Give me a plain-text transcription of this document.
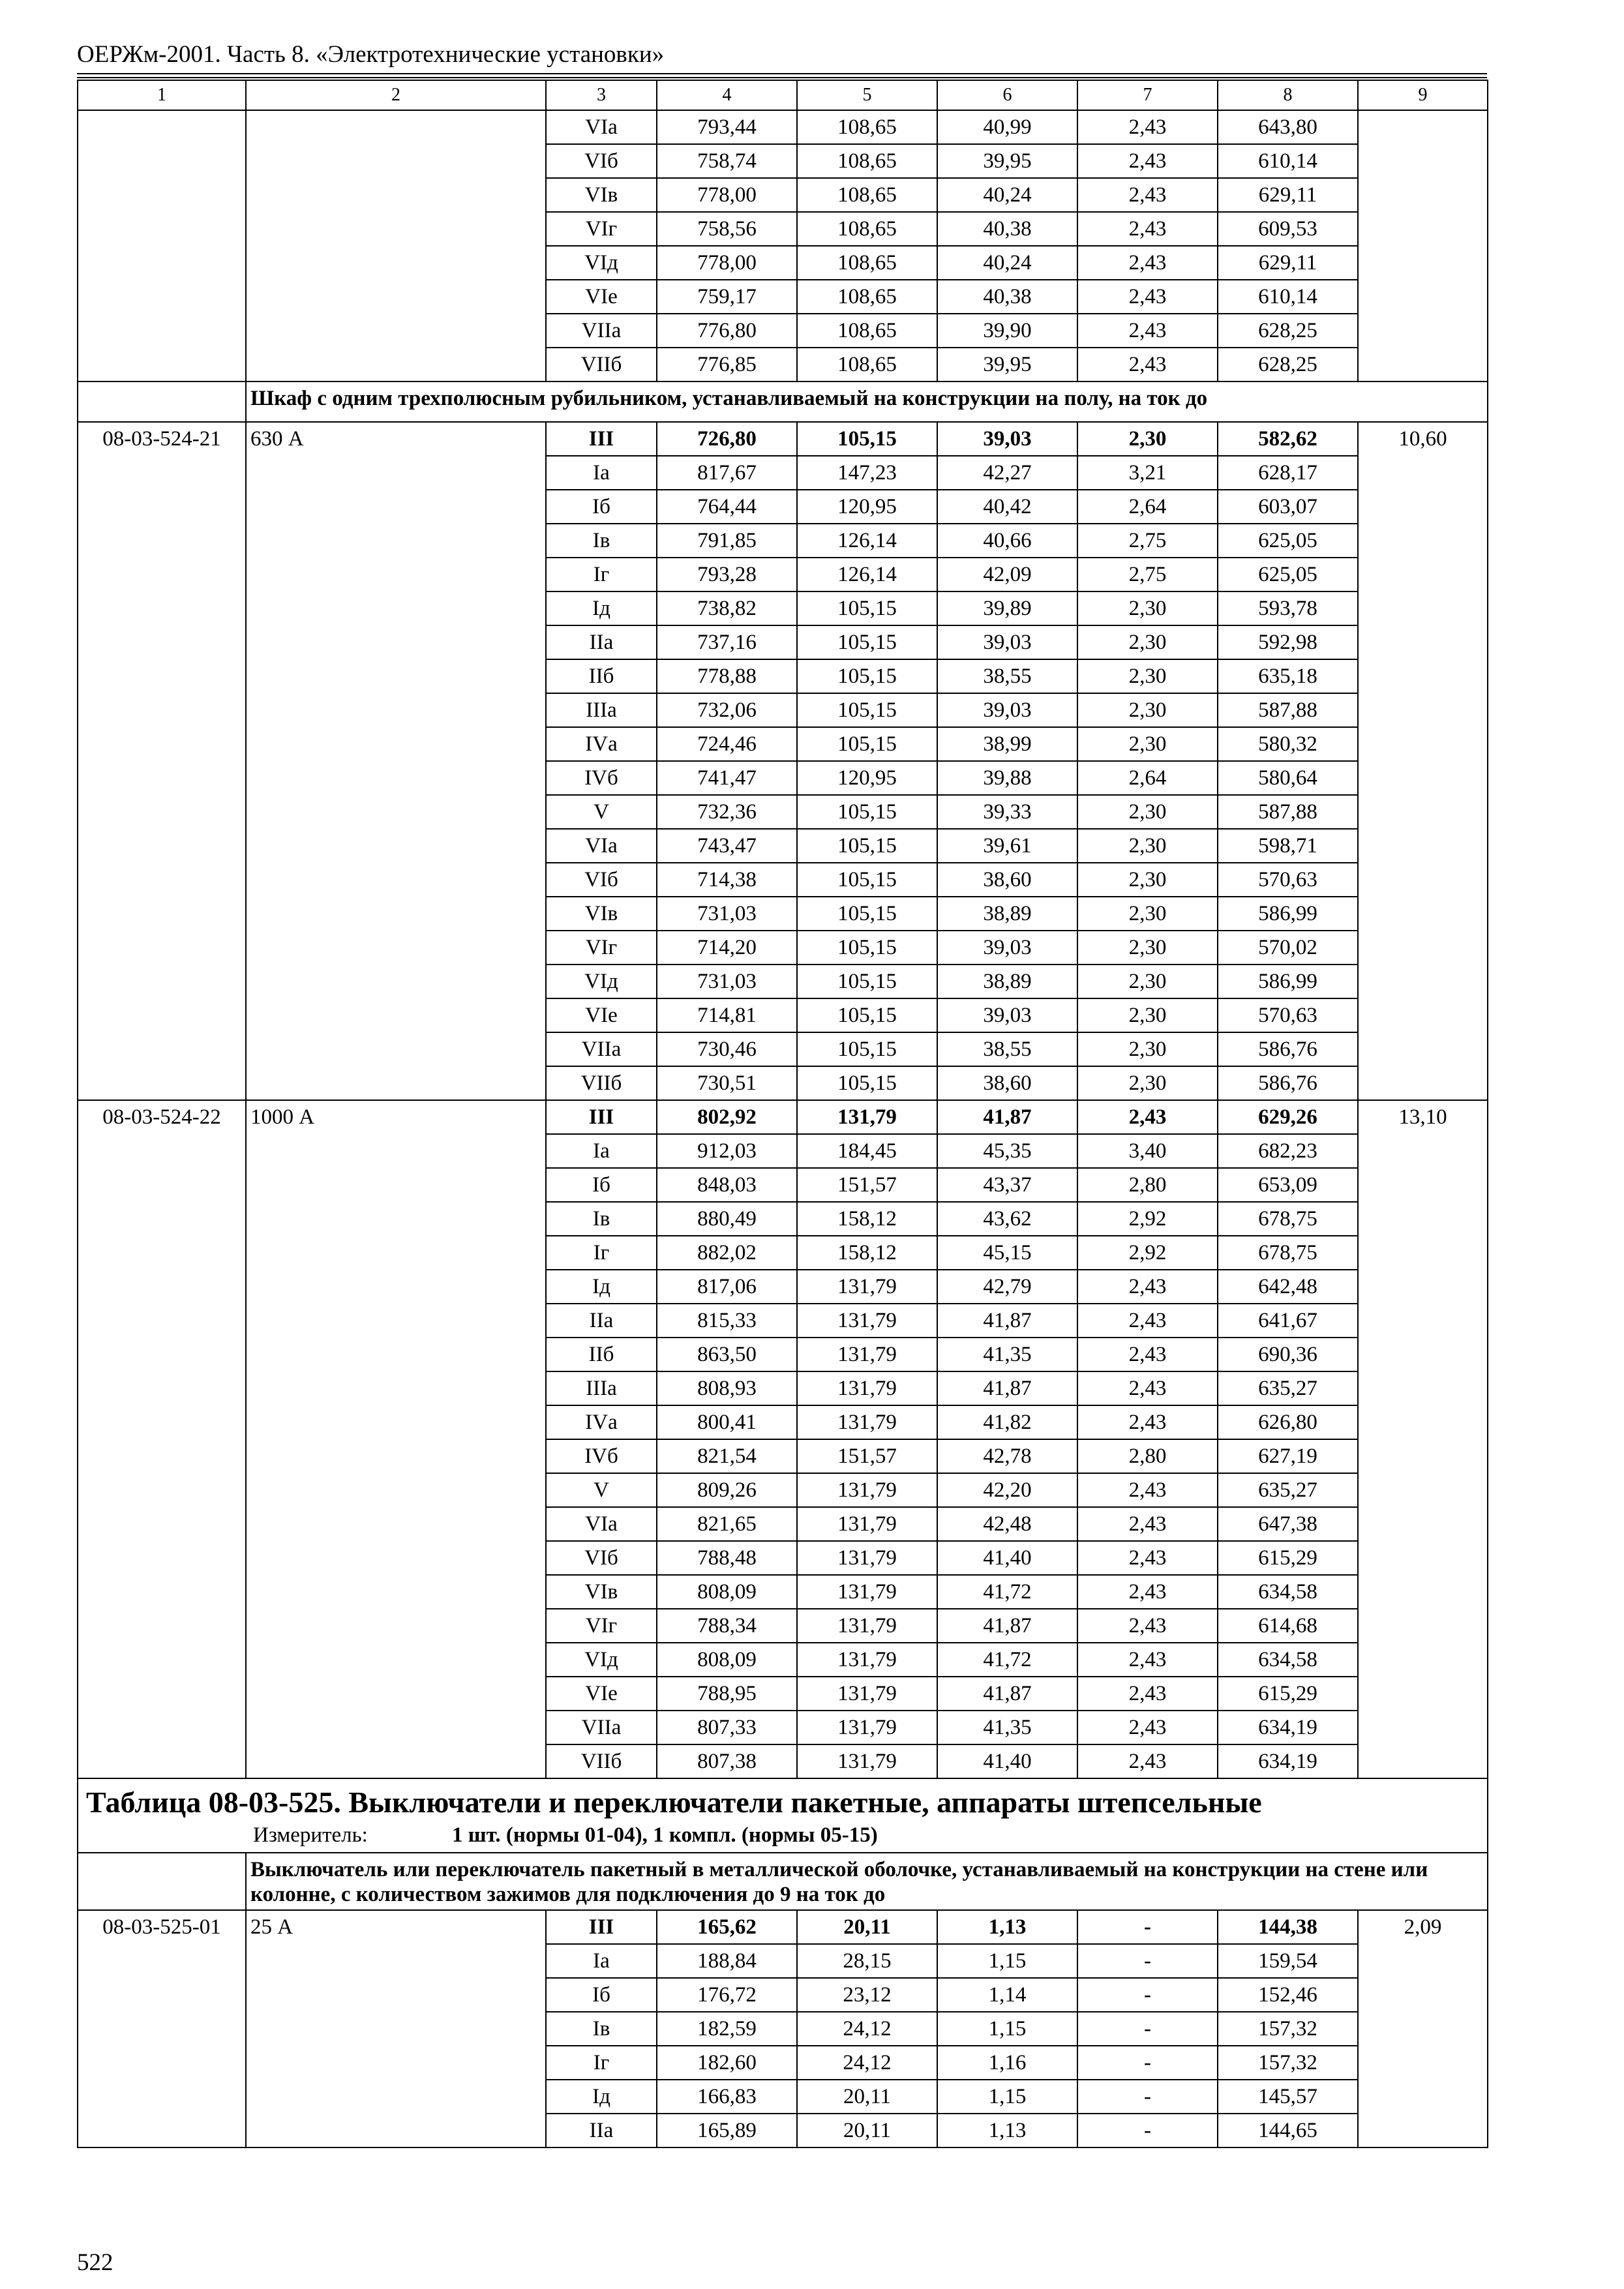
ОЕРЖм-2001. Часть 8. «Электротехнические установки»
1	2	3	4	5	6	7	8	9
		VIа	793,44	108,65	40,99	2,43	643,80	
		VIб	758,74	108,65	39,95	2,43	610,14	
		VIв	778,00	108,65	40,24	2,43	629,11	
		VIг	758,56	108,65	40,38	2,43	609,53	
		VIд	778,00	108,65	40,24	2,43	629,11	
		VIе	759,17	108,65	40,38	2,43	610,14	
		VIIа	776,80	108,65	39,90	2,43	628,25	
		VIIб	776,85	108,65	39,95	2,43	628,25	
	Шкаф с одним трехполюсным рубильником, устанавливаемый на конструкции на полу, на ток до							
08-03-524-21	630 А	III	726,80	105,15	39,03	2,30	582,62	10,60
		Iа	817,67	147,23	42,27	3,21	628,17	
		Iб	764,44	120,95	40,42	2,64	603,07	
		Iв	791,85	126,14	40,66	2,75	625,05	
		Iг	793,28	126,14	42,09	2,75	625,05	
		Iд	738,82	105,15	39,89	2,30	593,78	
		IIа	737,16	105,15	39,03	2,30	592,98	
		IIб	778,88	105,15	38,55	2,30	635,18	
		IIIа	732,06	105,15	39,03	2,30	587,88	
		IVа	724,46	105,15	38,99	2,30	580,32	
		IVб	741,47	120,95	39,88	2,64	580,64	
		V	732,36	105,15	39,33	2,30	587,88	
		VIа	743,47	105,15	39,61	2,30	598,71	
		VIб	714,38	105,15	38,60	2,30	570,63	
		VIв	731,03	105,15	38,89	2,30	586,99	
		VIг	714,20	105,15	39,03	2,30	570,02	
		VIд	731,03	105,15	38,89	2,30	586,99	
		VIе	714,81	105,15	39,03	2,30	570,63	
		VIIа	730,46	105,15	38,55	2,30	586,76	
		VIIб	730,51	105,15	38,60	2,30	586,76	
08-03-524-22	1000 А	III	802,92	131,79	41,87	2,43	629,26	13,10
		Iа	912,03	184,45	45,35	3,40	682,23	
		Iб	848,03	151,57	43,37	2,80	653,09	
		Iв	880,49	158,12	43,62	2,92	678,75	
		Iг	882,02	158,12	45,15	2,92	678,75	
		Iд	817,06	131,79	42,79	2,43	642,48	
		IIа	815,33	131,79	41,87	2,43	641,67	
		IIб	863,50	131,79	41,35	2,43	690,36	
		IIIа	808,93	131,79	41,87	2,43	635,27	
		IVа	800,41	131,79	41,82	2,43	626,80	
		IVб	821,54	151,57	42,78	2,80	627,19	
		V	809,26	131,79	42,20	2,43	635,27	
		VIа	821,65	131,79	42,48	2,43	647,38	
		VIб	788,48	131,79	41,40	2,43	615,29	
		VIв	808,09	131,79	41,72	2,43	634,58	
		VIг	788,34	131,79	41,87	2,43	614,68	
		VIд	808,09	131,79	41,72	2,43	634,58	
		VIе	788,95	131,79	41,87	2,43	615,29	
		VIIа	807,33	131,79	41,35	2,43	634,19	
		VIIб	807,38	131,79	41,40	2,43	634,19	

Таблица 08-03-525. Выключатели и переключатели пакетные, аппараты штепсельные
Измеритель: 1 шт. (нормы 01-04), 1 компл. (нормы 05-15)								

	Выключатель или переключатель пакетный в металлической оболочке, устанавливаемый на конструкции на стене или колонне, с количеством зажимов для подключения до 9 на ток до							
08-03-525-01	25 А	III	165,62	20,11	1,13	-	144,38	2,09
		Iа	188,84	28,15	1,15	-	159,54	
		Iб	176,72	23,12	1,14	-	152,46	
		Iв	182,59	24,12	1,15	-	157,32	
		Iг	182,60	24,12	1,16	-	157,32	
		Iд	166,83	20,11	1,15	-	145,57	
		IIа	165,89	20,11	1,13	-	144,65	
522
